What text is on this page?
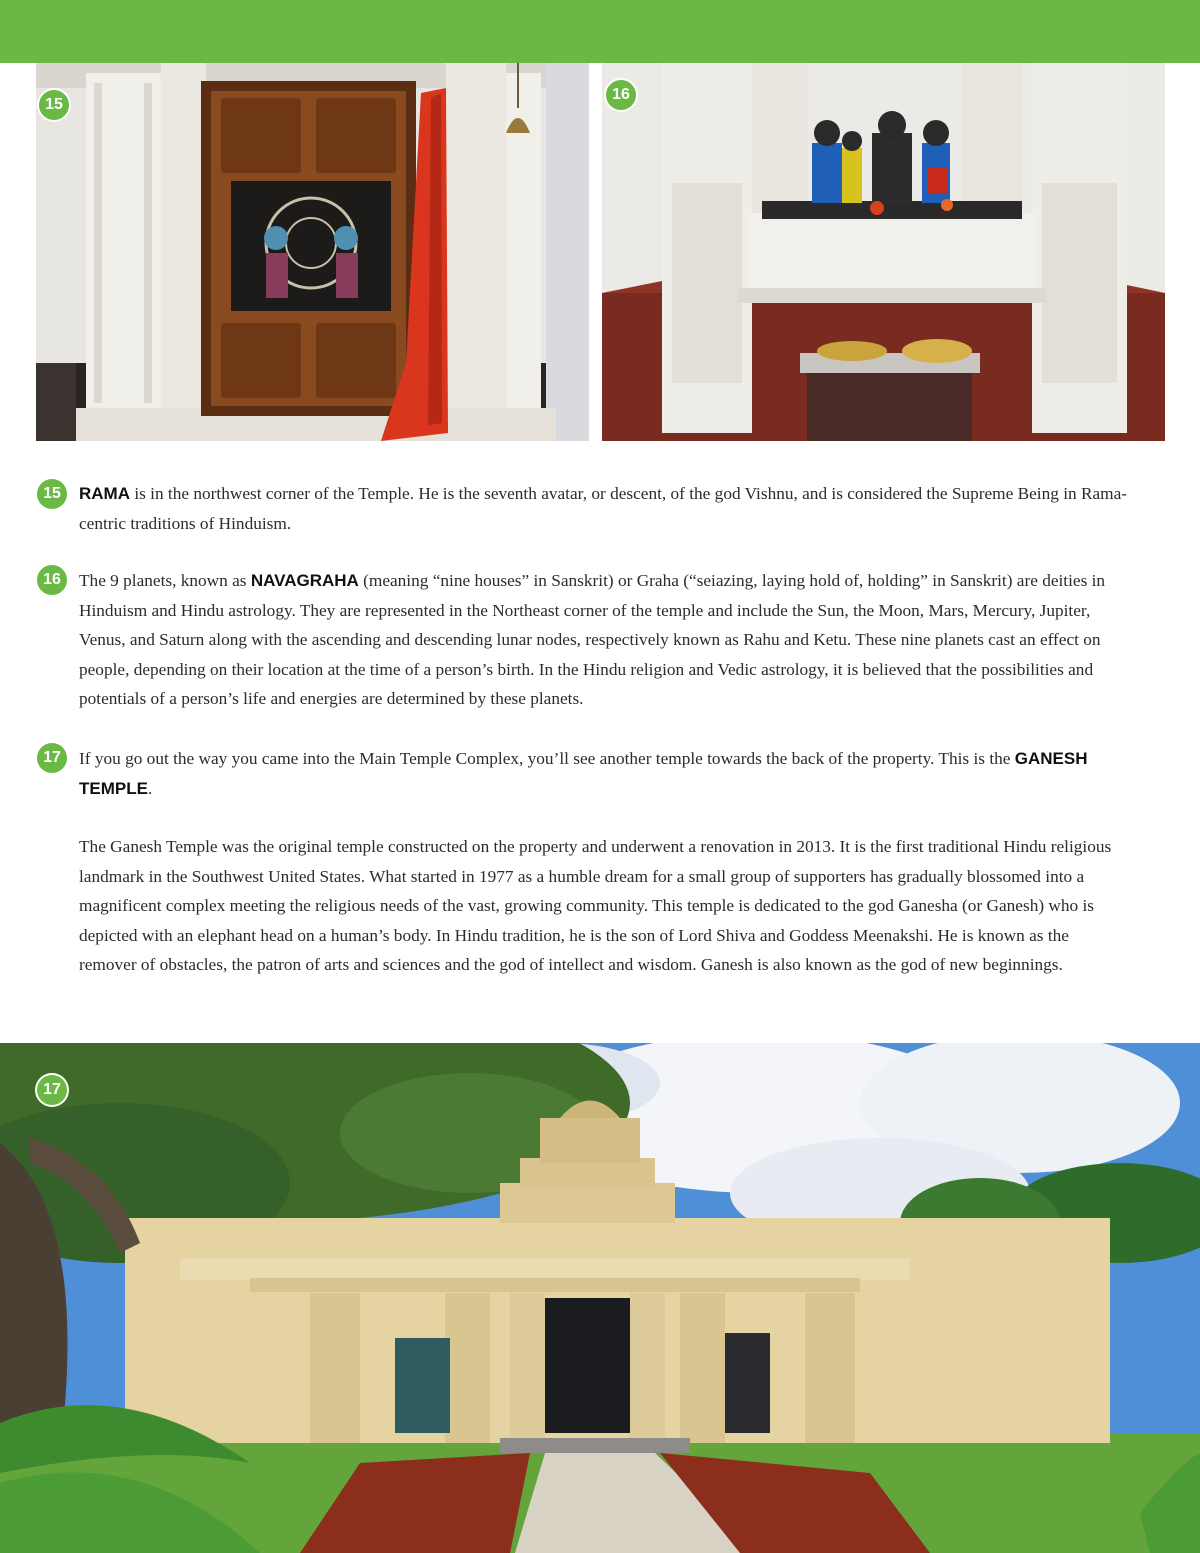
15
16
15	RAMA is in the northwest corner of the Temple. He is the seventh avatar, or descent, of the god Vishnu, and is considered the Supreme Being in Rama-centric traditions of Hinduism.
16	The 9 planets, known as NAVAGRAHA (meaning “nine houses” in Sanskrit) or Graha (“seiazing, laying hold of, holding” in Sanskrit) are deities in Hinduism and Hindu astrology. They are represented in the Northeast corner of the temple and include the Sun, the Moon, Mars, Mercury, Jupiter, Venus, and Saturn along with the ascending and descending lunar nodes, respectively known as Rahu and Ketu. These nine planets cast an effect on people, depending on their location at the time of a person’s birth. In the Hindu religion and Vedic astrology, it is believed that the possibilities and potentials of a person’s life and energies are determined by these planets.
17	If you go out the way you came into the Main Temple Complex, you’ll see another temple towards the back of the property. This is the GANESH TEMPLE.
The Ganesh Temple was the original temple constructed on the property and underwent a renovation in 2013. It is the first traditional Hindu religious landmark in the Southwest United States. What started in 1977 as a humble dream for a small group of supporters has gradually blossomed into a magnificent complex meeting the religious needs of the vast, growing community. This temple is dedicated to the god Ganesha (or Ganesh) who is depicted with an elephant head on a human’s body. In Hindu tradition, he is the son of Lord Shiva and Goddess Meenakshi. He is known as the remover of obstacles, the patron of arts and sciences and the god of intellect and wisdom. Ganesh is also known as the god of new beginnings.
17
